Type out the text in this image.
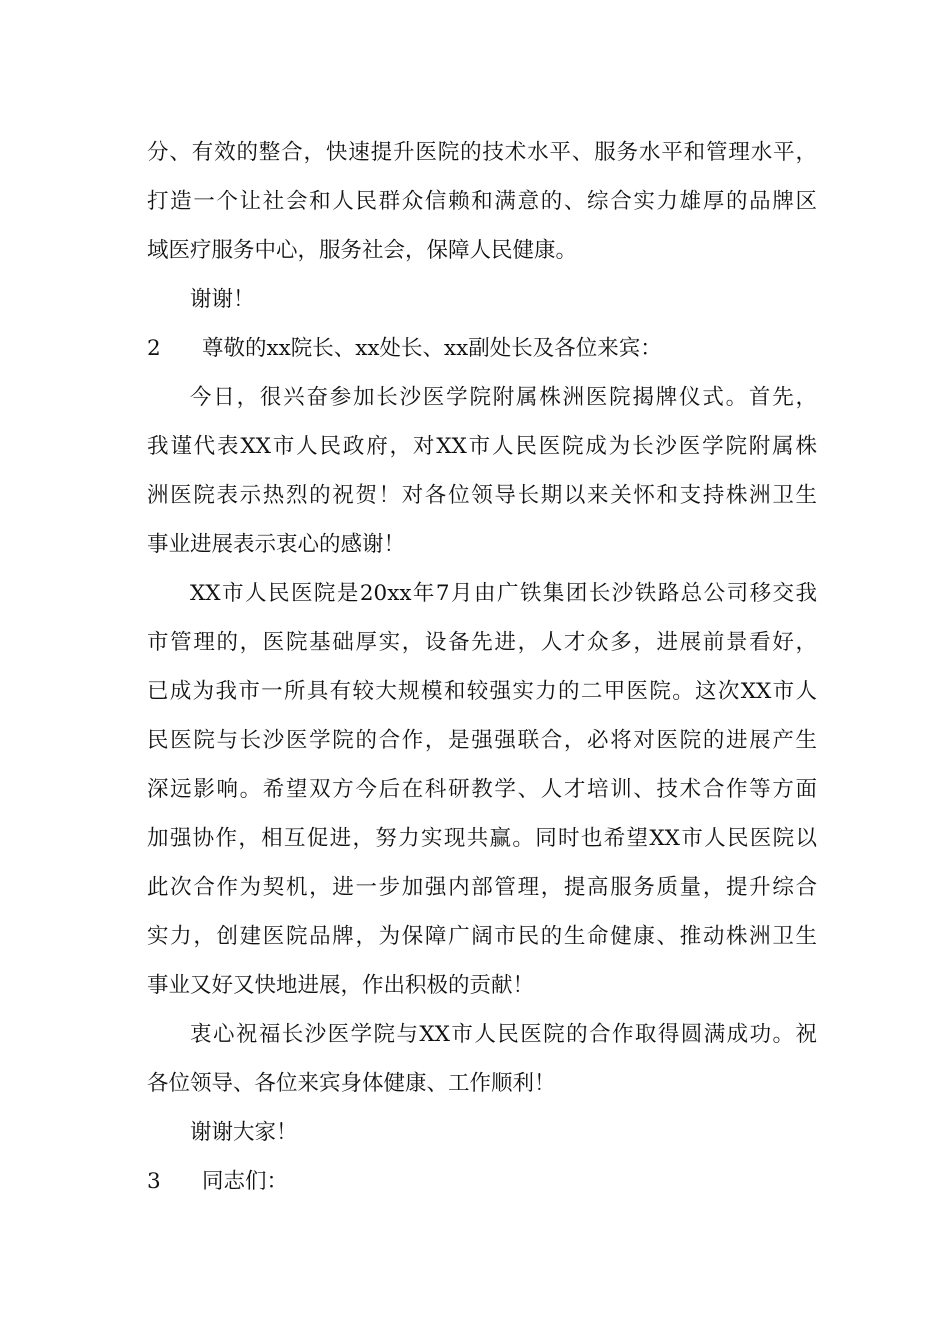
分、有效的整合，快速提升医院的技术水平、服务水平和管理水平，
打造一个让社会和人民群众信赖和满意的、综合实力雄厚的品牌区
域医疗服务中心，服务社会，保障人民健康。
谢谢！
2	尊敬的xx院长、xx处长、xx副处长及各位来宾：
今日，很兴奋参加长沙医学院附属株洲医院揭牌仪式。首先，
我谨代表XX市人民政府，对XX市人民医院成为长沙医学院附属株
洲医院表示热烈的祝贺！对各位领导长期以来关怀和支持株洲卫生
事业进展表示衷心的感谢！
XX市人民医院是20xx年7月由广铁集团长沙铁路总公司移交我
市管理的，医院基础厚实，设备先进，人才众多，进展前景看好，
已成为我市一所具有较大规模和较强实力的二甲医院。这次XX市人
民医院与长沙医学院的合作，是强强联合，必将对医院的进展产生
深远影响。希望双方今后在科研教学、人才培训、技术合作等方面
加强协作，相互促进，努力实现共赢。同时也希望XX市人民医院以
此次合作为契机，进一步加强内部管理，提高服务质量，提升综合
实力，创建医院品牌，为保障广阔市民的生命健康、推动株洲卫生
事业又好又快地进展，作出积极的贡献！
衷心祝福长沙医学院与XX市人民医院的合作取得圆满成功。祝
各位领导、各位来宾身体健康、工作顺利！
谢谢大家！
3	同志们：
